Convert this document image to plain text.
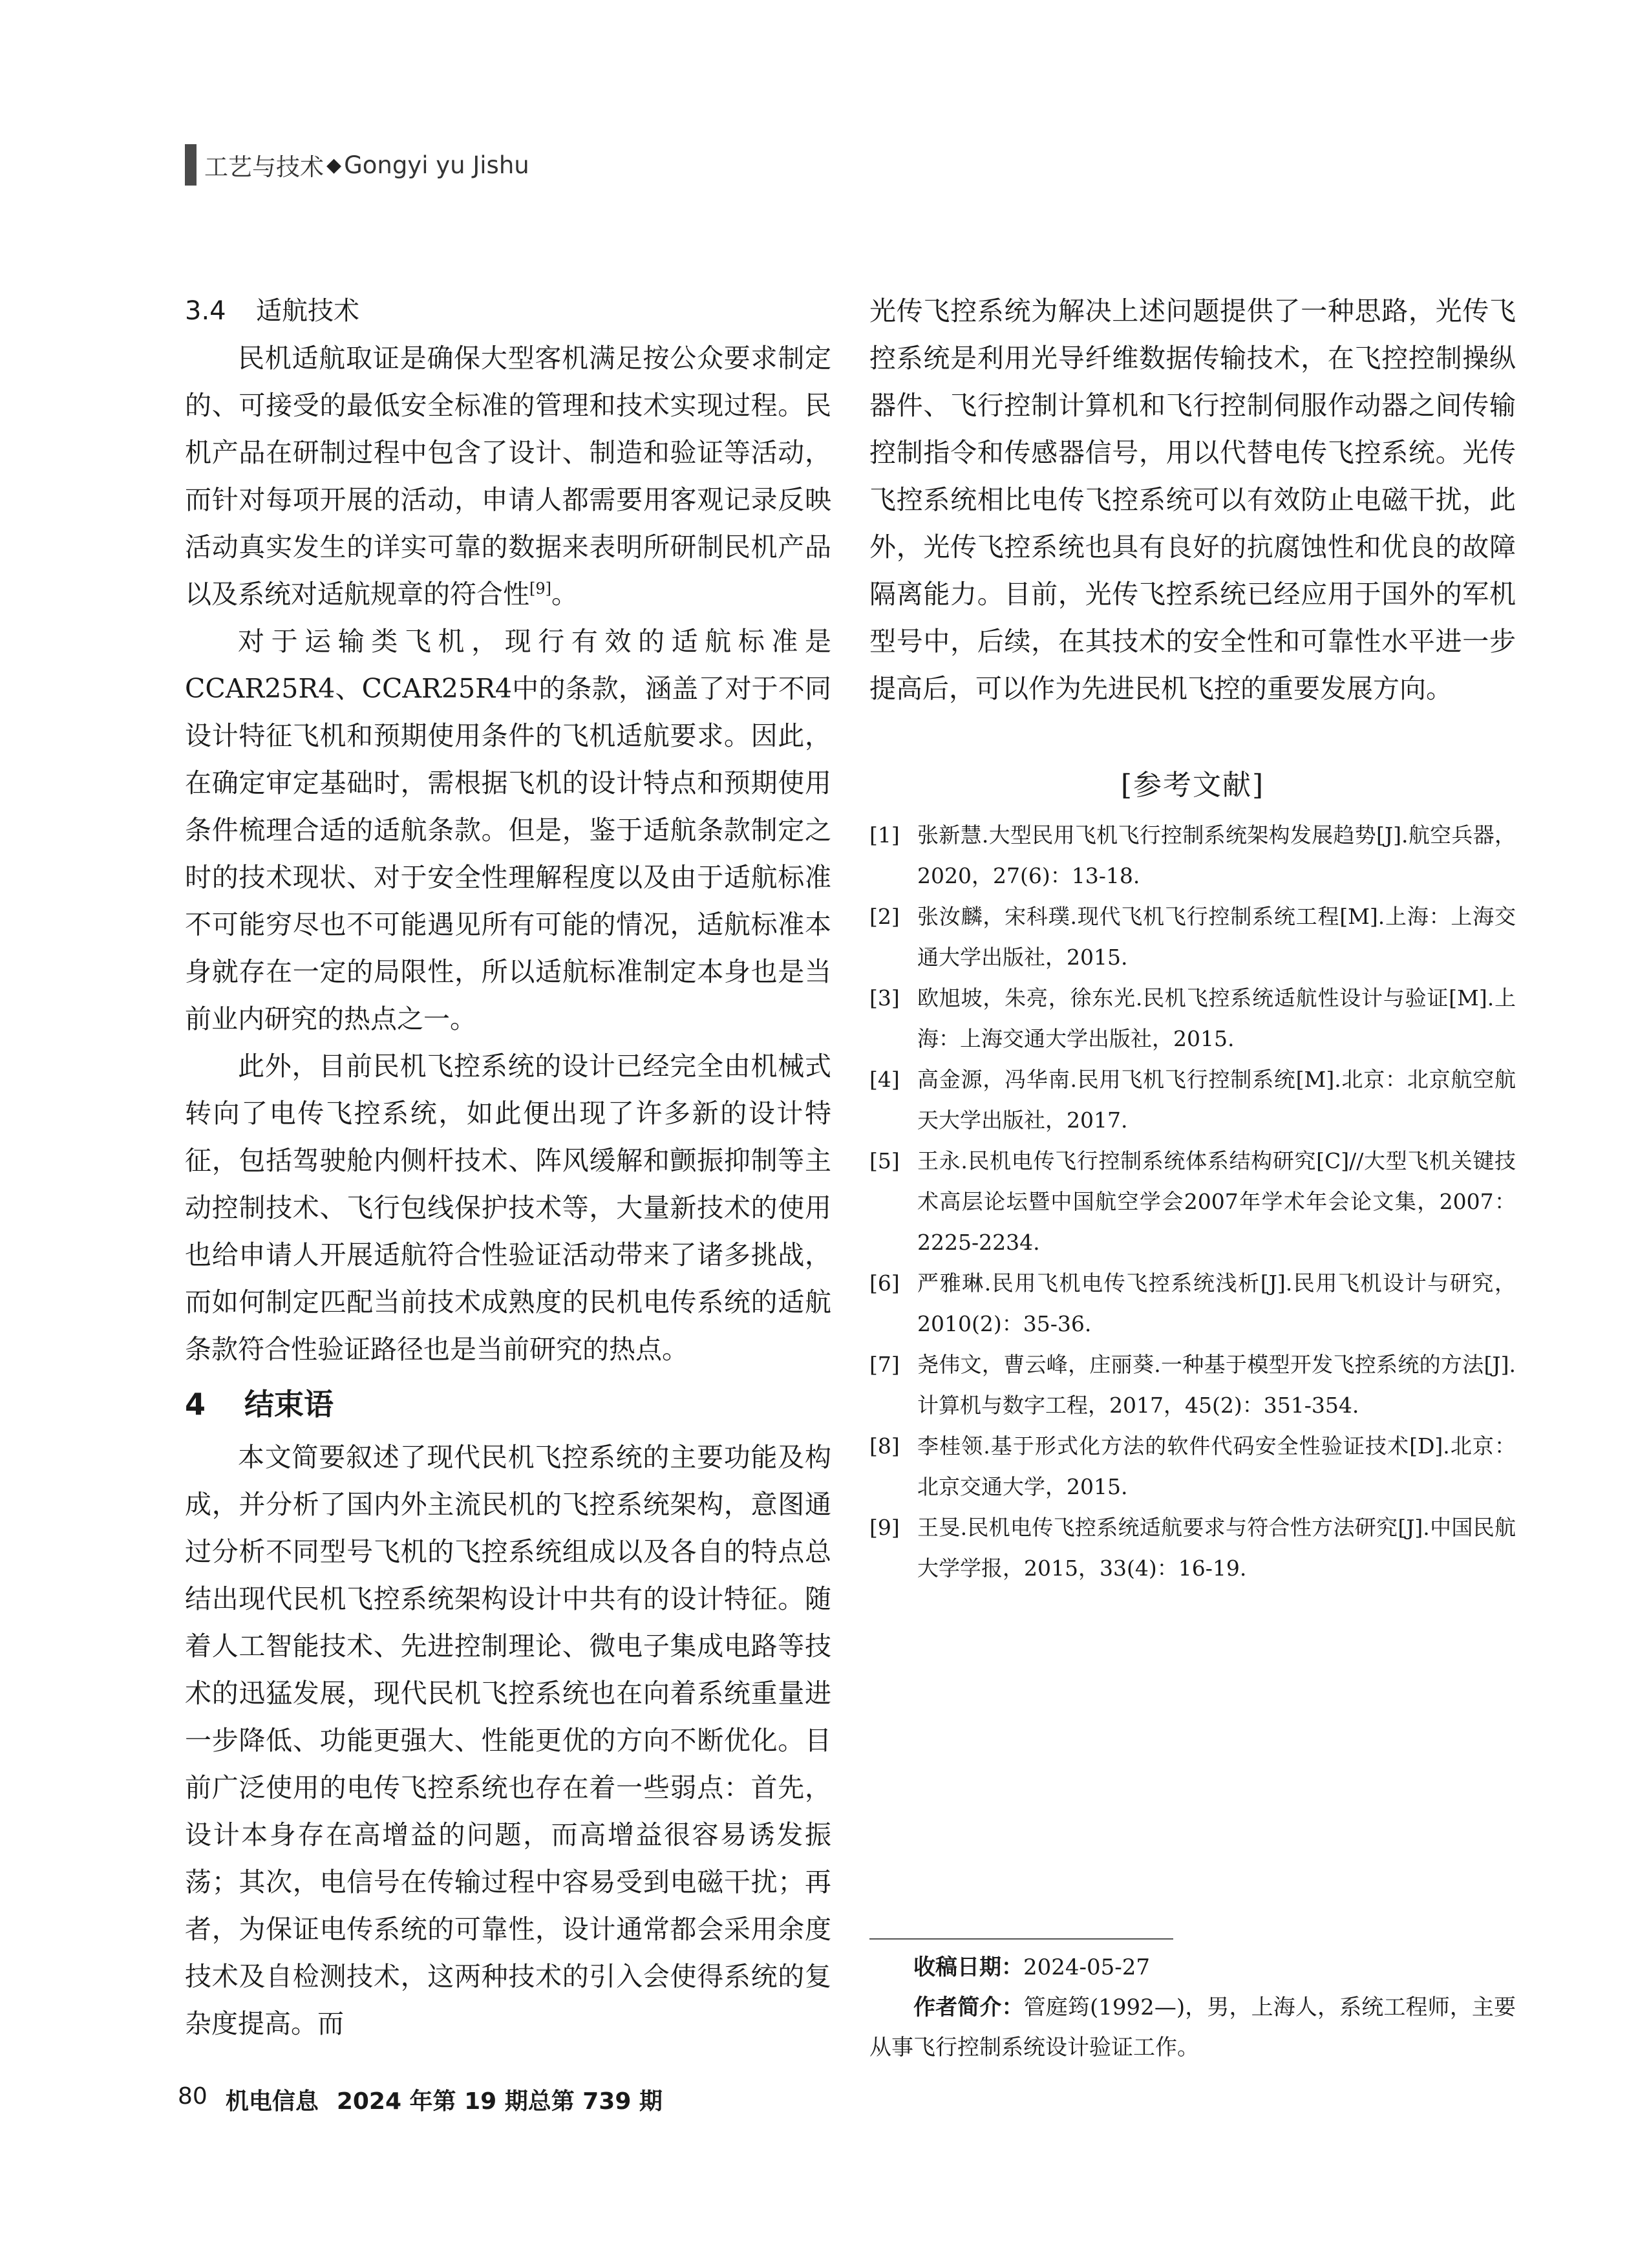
工艺与技术 ◆ Gongyi yu Jishu

3.4 适航技术

民机适航取证是确保大型客机满足按公众要求制定的、可接受的最低安全标准的管理和技术实现过程。民机产品在研制过程中包含了设计、制造和验证等活动，而针对每项开展的活动，申请人都需要用客观记录反映活动真实发生的详实可靠的数据来表明所研制民机产品以及系统对适航规章的符合性[9]。

对于运输类飞机，现行有效的适航标准是CCAR25R4、CCAR25R4中的条款，涵盖了对于不同设计特征飞机和预期使用条件的飞机适航要求。因此，在确定审定基础时，需根据飞机的设计特点和预期使用条件梳理合适的适航条款。但是，鉴于适航条款制定之时的技术现状、对于安全性理解程度以及由于适航标准不可能穷尽也不可能遇见所有可能的情况，适航标准本身就存在一定的局限性，所以适航标准制定本身也是当前业内研究的热点之一。

此外，目前民机飞控系统的设计已经完全由机械式转向了电传飞控系统，如此便出现了许多新的设计特征，包括驾驶舱内侧杆技术、阵风缓解和颤振抑制等主动控制技术、飞行包线保护技术等，大量新技术的使用也给申请人开展适航符合性验证活动带来了诸多挑战，而如何制定匹配当前技术成熟度的民机电传系统的适航条款符合性验证路径也是当前研究的热点。

4 结束语

本文简要叙述了现代民机飞控系统的主要功能及构成，并分析了国内外主流民机的飞控系统架构，意图通过分析不同型号飞机的飞控系统组成以及各自的特点总结出现代民机飞控系统架构设计中共有的设计特征。随着人工智能技术、先进控制理论、微电子集成电路等技术的迅猛发展，现代民机飞控系统也在向着系统重量进一步降低、功能更强大、性能更优的方向不断优化。目前广泛使用的电传飞控系统也存在着一些弱点：首先，设计本身存在高增益的问题，而高增益很容易诱发振荡；其次，电信号在传输过程中容易受到电磁干扰；再者，为保证电传系统的可靠性，设计通常都会采用余度技术及自检测技术，这两种技术的引入会使得系统的复杂度提高。而

光传飞控系统为解决上述问题提供了一种思路，光传飞控系统是利用光导纤维数据传输技术，在飞控控制操纵器件、飞行控制计算机和飞行控制伺服作动器之间传输控制指令和传感器信号，用以代替电传飞控系统。光传飞控系统相比电传飞控系统可以有效防止电磁干扰，此外，光传飞控系统也具有良好的抗腐蚀性和优良的故障隔离能力。目前，光传飞控系统已经应用于国外的军机型号中，后续，在其技术的安全性和可靠性水平进一步提高后，可以作为先进民机飞控的重要发展方向。

[参考文献]
[1] 张新慧.大型民用飞机飞行控制系统架构发展趋势[J].航空兵器，2020，27(6)：13-18.
[2] 张汝麟，宋科璞.现代飞机飞行控制系统工程[M].上海：上海交通大学出版社，2015.
[3] 欧旭坡，朱亮，徐东光.民机飞控系统适航性设计与验证[M].上海：上海交通大学出版社，2015.
[4] 高金源，冯华南.民用飞机飞行控制系统[M].北京：北京航空航天大学出版社，2017.
[5] 王永.民机电传飞行控制系统体系结构研究[C]//大型飞机关键技术高层论坛暨中国航空学会2007年学术年会论文集，2007：2225-2234.
[6] 严雅琳.民用飞机电传飞控系统浅析[J].民用飞机设计与研究，2010(2)：35-36.
[7] 尧伟文，曹云峰，庄丽葵.一种基于模型开发飞控系统的方法[J].计算机与数字工程，2017，45(2)：351-354.
[8] 李桂领.基于形式化方法的软件代码安全性验证技术[D].北京：北京交通大学，2015.
[9] 王旻.民机电传飞控系统适航要求与符合性方法研究[J].中国民航大学学报，2015，33(4)：16-19.

收稿日期：2024-05-27

作者简介：管庭筠(1992—)，男，上海人，系统工程师，主要从事飞行控制系统设计验证工作。

80 机电信息 2024 年第 19 期总第 739 期
